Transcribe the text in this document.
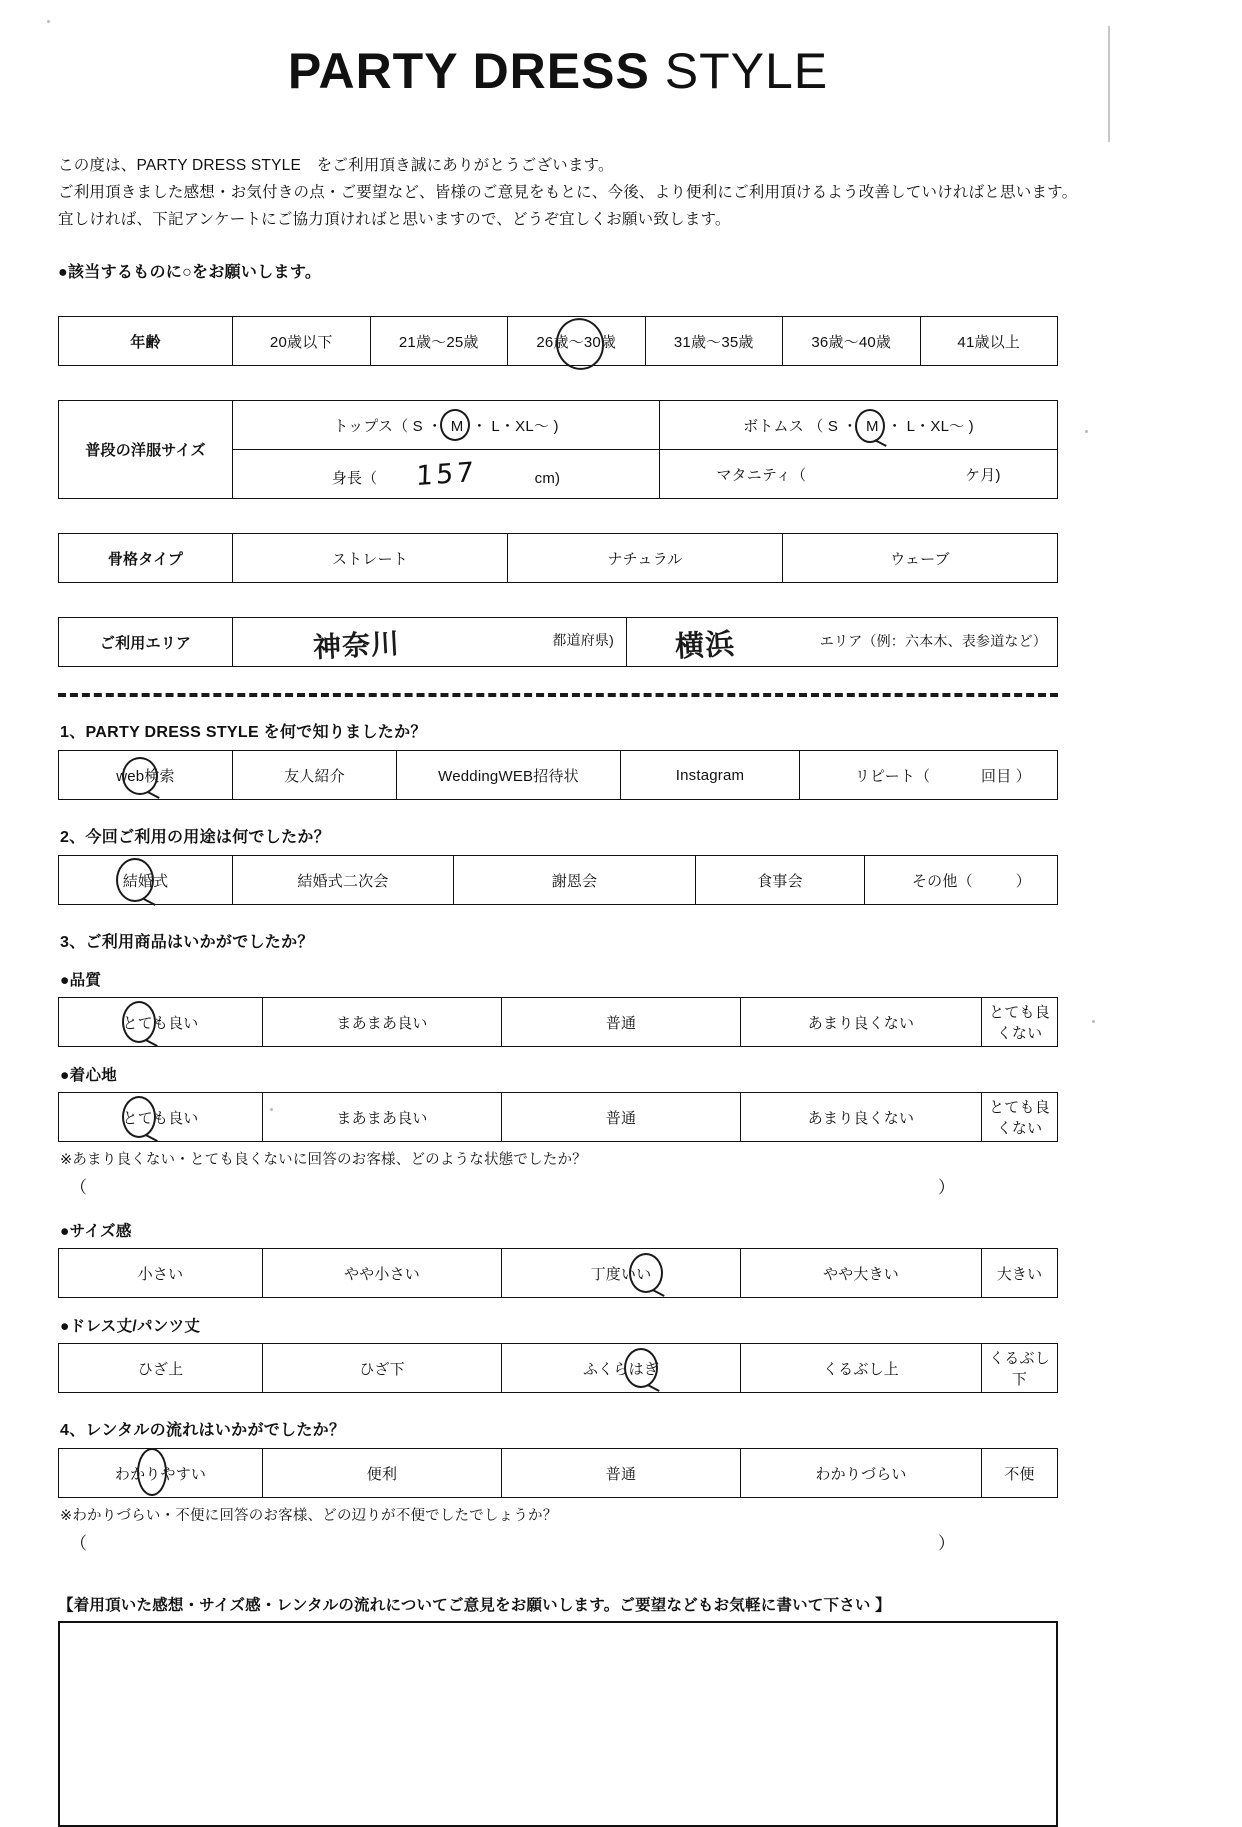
PARTY DRESS STYLE
この度は、PARTY DRESS STYLE　をご利用頂き誠にありがとうございます。
ご利用頂きました感想・お気付きの点・ご要望など、皆様のご意見をもとに、今後、より便利にご利用頂けるよう改善していければと思います。
宜しければ、下記アンケートにご協力頂ければと思いますので、どうぞ宜しくお願い致します。
●該当するものに○をお願いします。
年齢	20歳以下	21歳～25歳	26歳～30歳	31歳～35歳	36歳～40歳	41歳以上
普段の洋服サイズ	トップス（ S ・ M ・ L・XL～ )	ボトムス （ S ・ M ・ L・XL～ )
	身長（ 157 cm)	マタニティ（ ケ月)
骨格タイプ	ストレート	ナチュラル	ウェーブ
ご利用エリア	神奈川	都道府県)	横浜	エリア（例：六本木、表参道など）
1、PARTY DRESS STYLE を何で知りましたか？
web検索	友人紹介	WeddingWEB招待状	Instagram	リピート（	回目 ）
2、今回ご利用の用途は何でしたか？
結婚式	結婚式二次会	謝恩会	食事会	その他（	）
3、ご利用商品はいかがでしたか？
●品質
とても良い	まあまあ良い	普通	あまり良くない	とても良くない
●着心地
とても良い	まあまあ良い	普通	あまり良くない	とても良くない
※あまり良くない・とても良くないに回答のお客様、どのような状態でしたか？
（	）
●サイズ感
小さい	やや小さい	丁度いい	やや大きい	大きい
●ドレス丈/パンツ丈
ひざ上	ひざ下	ふくらはぎ	くるぶし上	くるぶし下
4、レンタルの流れはいかがでしたか？
わかりやすい	便利	普通	わかりづらい	不便
※わかりづらい・不便に回答のお客様、どの辺りが不便でしたでしょうか？
（	）
【着用頂いた感想・サイズ感・レンタルの流れについてご意見をお願いします。ご要望などもお気軽に書いて下さい 】
